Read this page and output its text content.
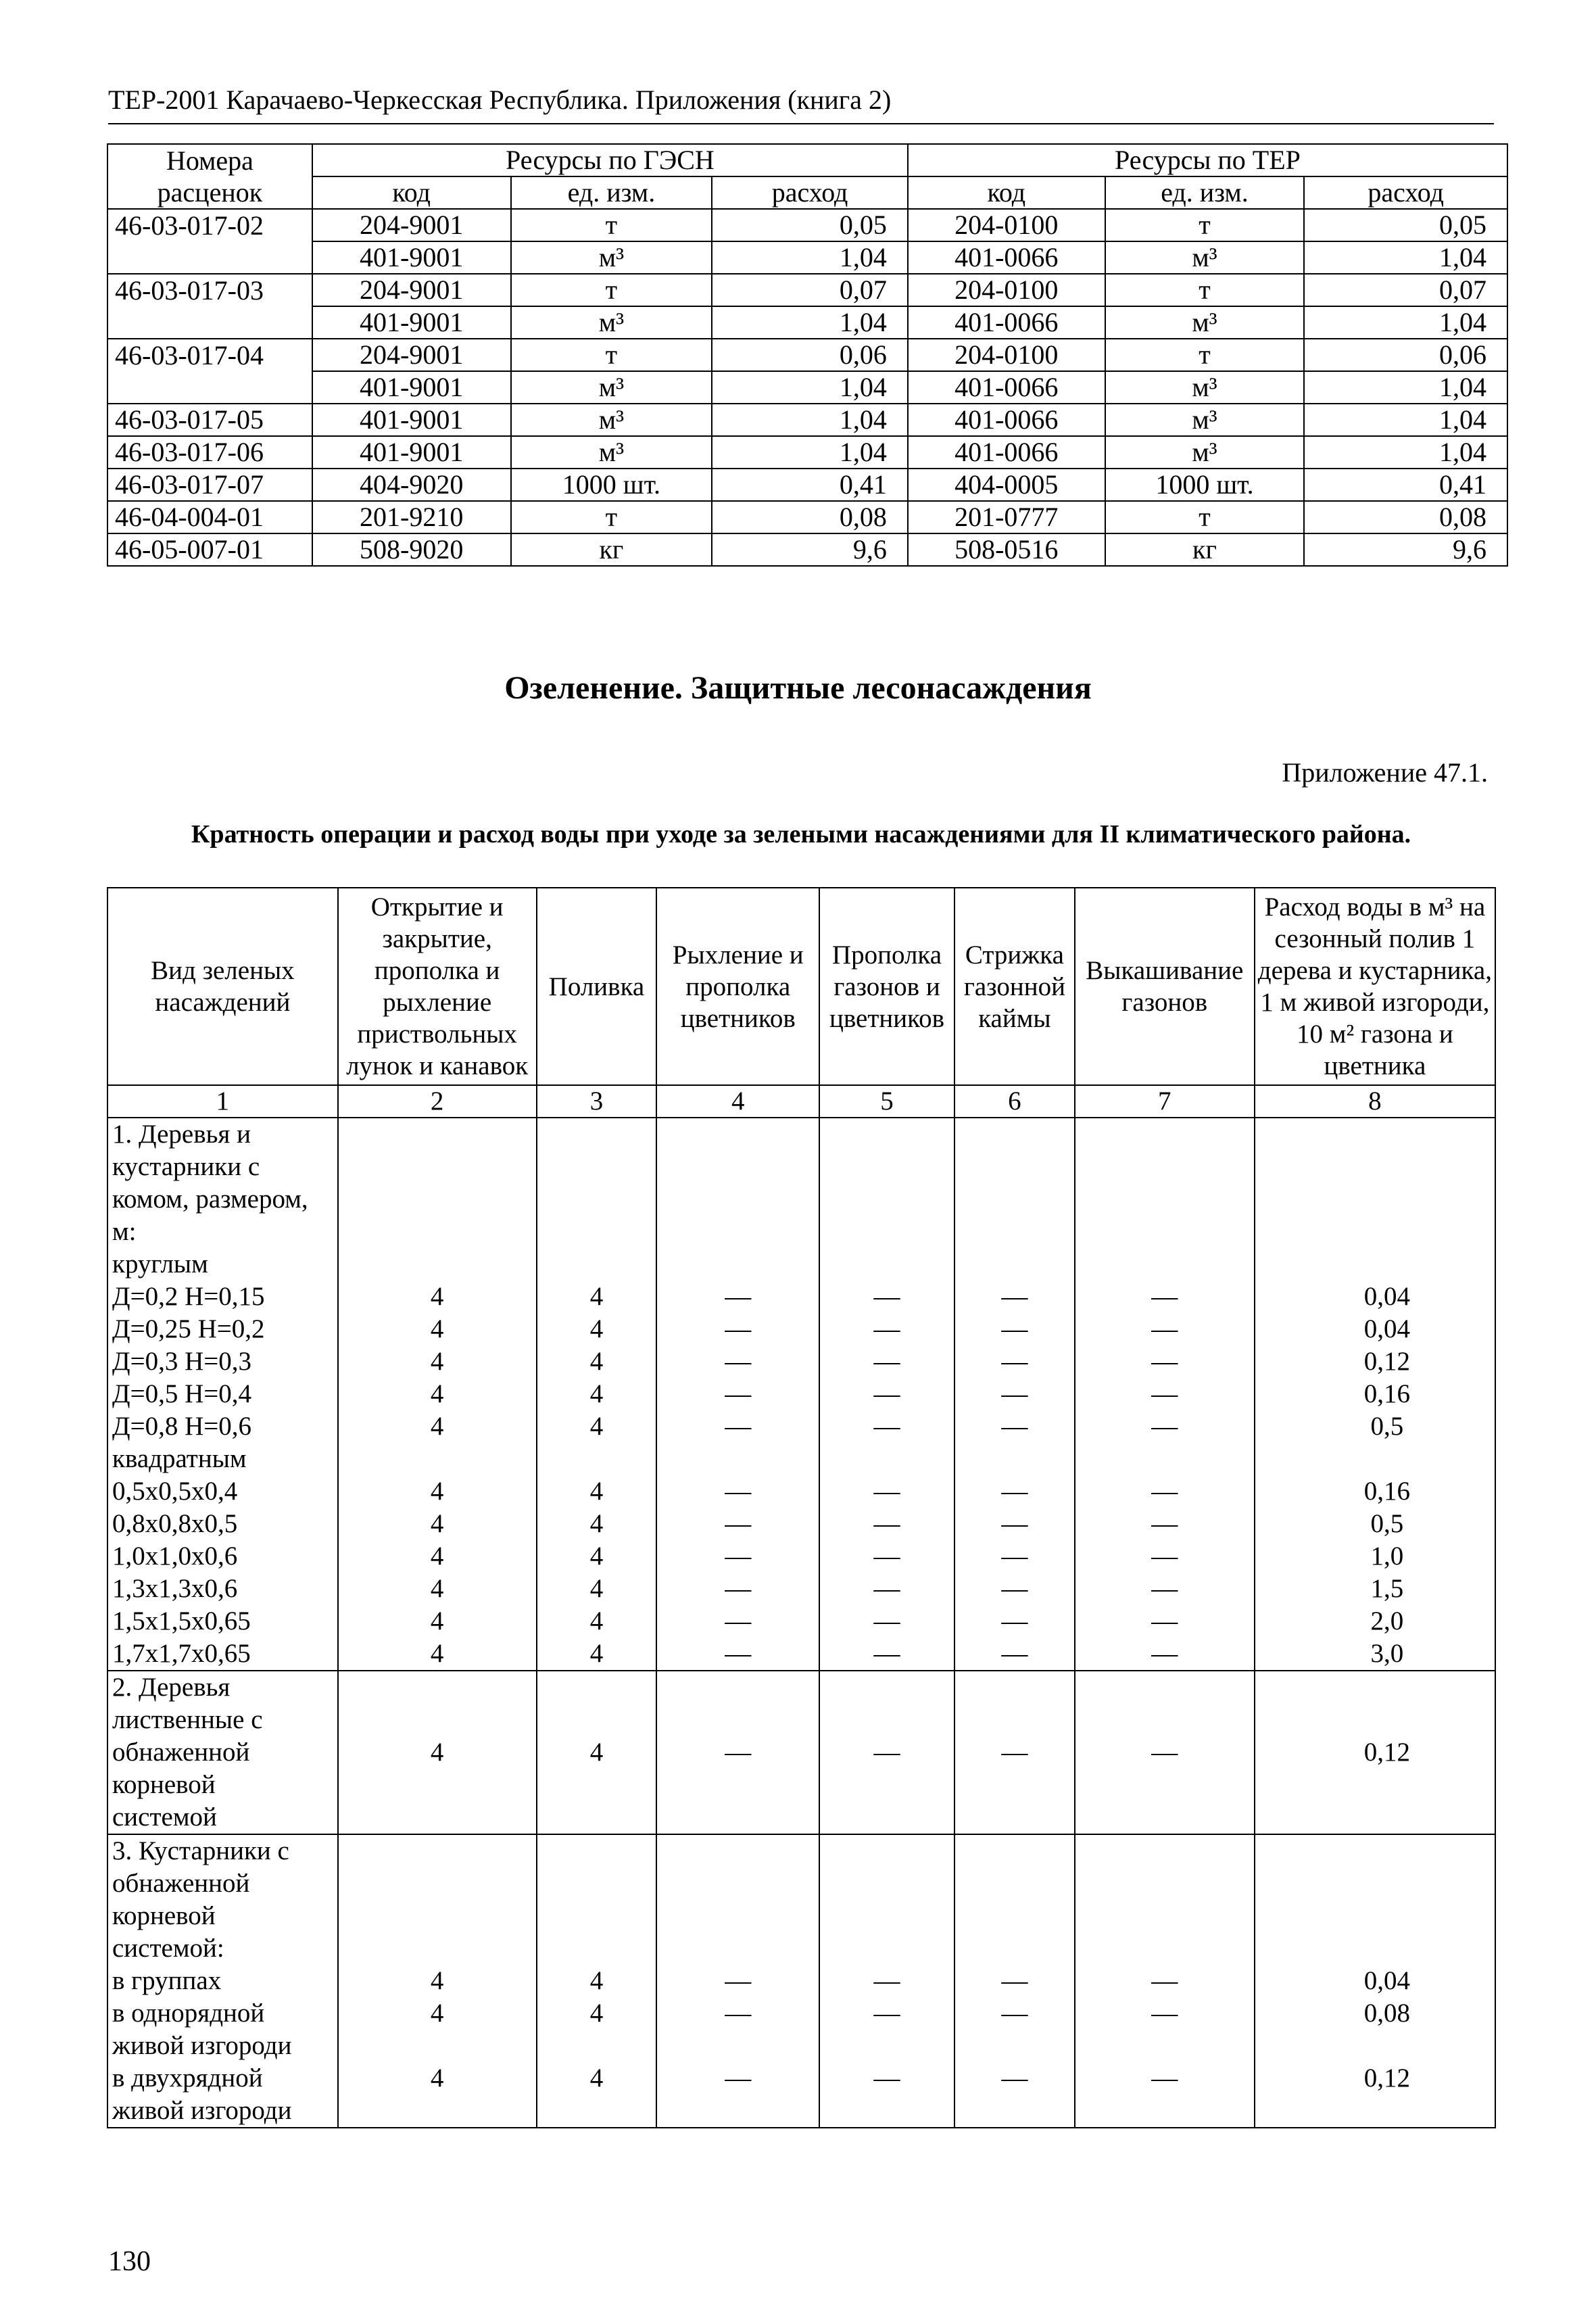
ТЕР-2001 Карачаево-Черкесская Республика. Приложения (книга 2)
Номера	Ресурсы по ГЭСН			Ресурсы по ТЕР		
расценок	код	ед. изм.	расход	код	ед. изм.	расход
46-03-017-02	204-9001	т	0,05	204-0100	т	0,05
	401-9001	м³	1,04	401-0066	м³	1,04
46-03-017-03	204-9001	т	0,07	204-0100	т	0,07
	401-9001	м³	1,04	401-0066	м³	1,04
46-03-017-04	204-9001	т	0,06	204-0100	т	0,06
	401-9001	м³	1,04	401-0066	м³	1,04
46-03-017-05	401-9001	м³	1,04	401-0066	м³	1,04
46-03-017-06	401-9001	м³	1,04	401-0066	м³	1,04
46-03-017-07	404-9020	1000 шт.	0,41	404-0005	1000 шт.	0,41
46-04-004-01	201-9210	т	0,08	201-0777	т	0,08
46-05-007-01	508-9020	кг	9,6	508-0516	кг	9,6
Озеленение. Защитные лесонасаждения
Приложение 47.1.
Кратность операции и расход воды при уходе за зелеными насаждениями для II климатического района.
Вид зеленых насаждений	Открытие и закрытие, прополка и рыхление приствольных лунок и канавок	Поливка	Рыхление и прополка цветников	Прополка газонов и цветников	Стрижка газонной каймы	Выкашивание газонов	Расход воды в м³ на сезонный полив 1 дерева и кустарника, 1 м живой изгороди, 10 м² газона и цветника
1	2	3	4	5	6	7	8
1. Деревья и							
кустарники с							
комом, размером,							
м:							
круглым							
Д=0,2 Н=0,15	4	4	—	—	—	—	0,04
Д=0,25 Н=0,2	4	4	—	—	—	—	0,04
Д=0,3 Н=0,3	4	4	—	—	—	—	0,12
Д=0,5 Н=0,4	4	4	—	—	—	—	0,16
Д=0,8 Н=0,6	4	4	—	—	—	—	0,5
квадратным							
0,5x0,5x0,4	4	4	—	—	—	—	0,16
0,8x0,8x0,5	4	4	—	—	—	—	0,5
1,0x1,0x0,6	4	4	—	—	—	—	1,0
1,3x1,3x0,6	4	4	—	—	—	—	1,5
1,5x1,5x0,65	4	4	—	—	—	—	2,0
1,7x1,7x0,65	4	4	—	—	—	—	3,0
2. Деревья							
лиственные с							
обнаженной	4	4	—	—	—	—	0,12
корневой							
системой							
3. Кустарники с							
обнаженной							
корневой							
системой:							
в группах	4	4	—	—	—	—	0,04
в однорядной	4	4	—	—	—	—	0,08
живой изгороди							
в двухрядной	4	4	—	—	—	—	0,12
живой изгороди							
130
